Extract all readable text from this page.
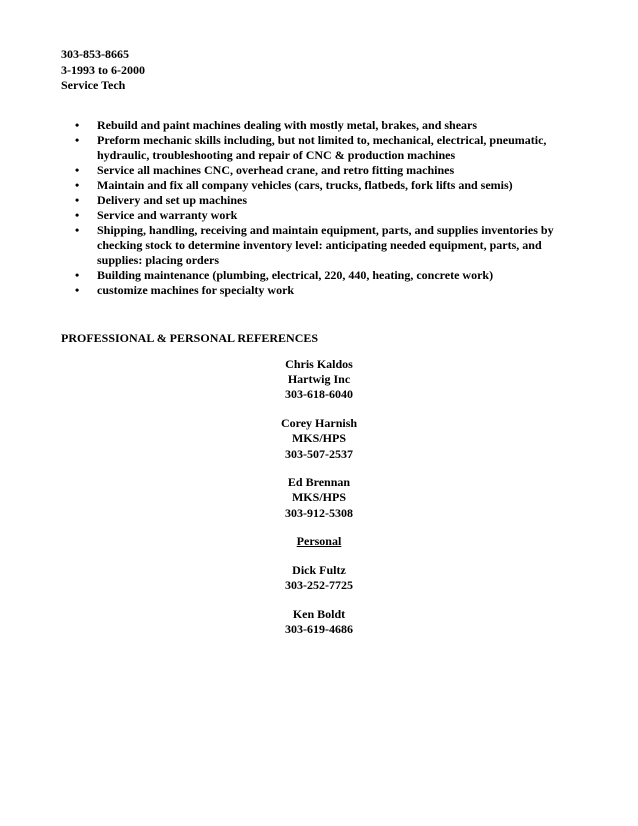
303-853-8665
3-1993 to 6-2000
Service Tech
• Rebuild and paint machines dealing with mostly metal, brakes, and shears
• Preform mechanic skills including, but not limited to, mechanical, electrical, pneumatic, hydraulic, troubleshooting and repair of CNC & production machines
• Service all machines CNC, overhead crane, and retro fitting machines
• Maintain and fix all company vehicles (cars, trucks, flatbeds, fork lifts and semis)
• Delivery and set up machines
• Service and warranty work
• Shipping, handling, receiving and maintain equipment, parts, and supplies inventories by checking stock to determine inventory level: anticipating needed equipment, parts, and supplies: placing orders
• Building maintenance (plumbing, electrical, 220, 440, heating, concrete work)
• customize machines for specialty work
PROFESSIONAL & PERSONAL REFERENCES
Chris Kaldos
Hartwig Inc
303-618-6040
Corey Harnish
MKS/HPS
303-507-2537
Ed Brennan
MKS/HPS
303-912-5308
Personal
Dick Fultz
303-252-7725
Ken Boldt
303-619-4686
